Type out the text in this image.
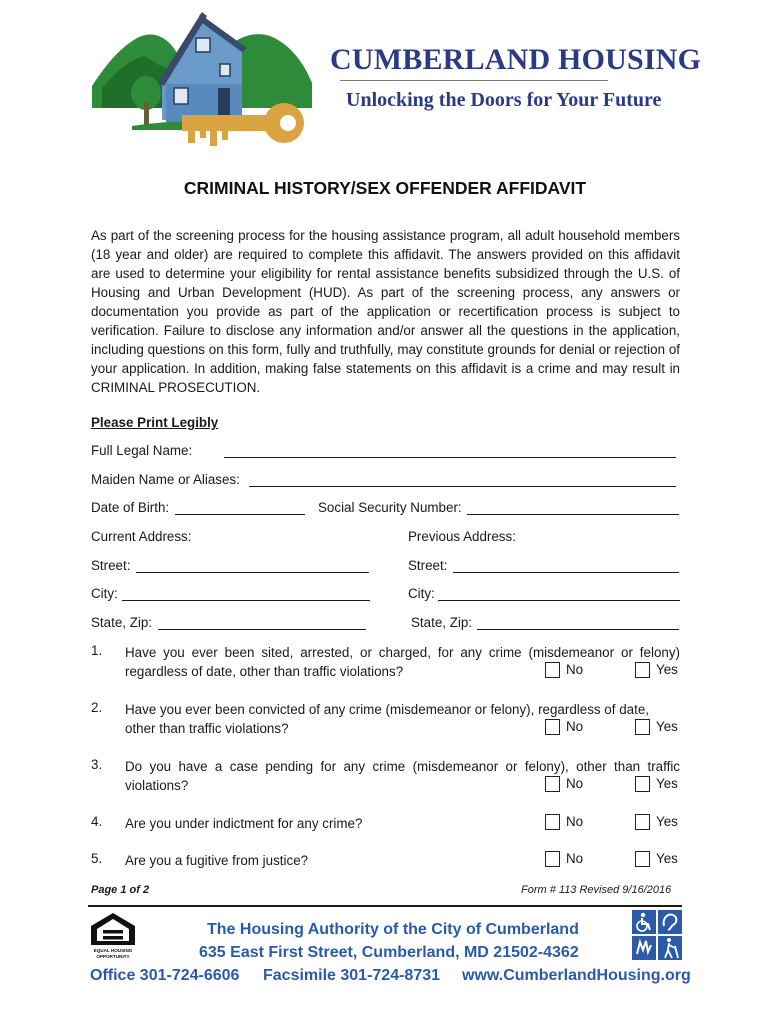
CUMBERLAND HOUSING
Unlocking the Doors for Your Future
CRIMINAL HISTORY/SEX OFFENDER AFFIDAVIT
As part of the screening process for the housing assistance program, all adult household members (18 year and older) are required to complete this affidavit. The answers provided on this affidavit are used to determine your eligibility for rental assistance benefits subsidized through the U.S. of Housing and Urban Development (HUD). As part of the screening process, any answers or documentation you provide as part of the application or recertification process is subject to verification. Failure to disclose any information and/or answer all the questions in the application, including questions on this form, fully and truthfully, may constitute grounds for denial or rejection of your application. In addition, making false statements on this affidavit is a crime and may result in CRIMINAL PROSECUTION.
Please Print Legibly
Full Legal Name:
Maiden Name or Aliases:
Date of Birth:	Social Security Number:
Current Address:	Previous Address:
Street:	Street:
City:	City:
State, Zip:	State, Zip:
1. Have you ever been sited, arrested, or charged, for any crime (misdemeanor or felony) regardless of date, other than traffic violations?	No	Yes
2. Have you ever been convicted of any crime (misdemeanor or felony), regardless of date, other than traffic violations?	No	Yes
3. Do you have a case pending for any crime (misdemeanor or felony), other than traffic violations?	No	Yes
4. Are you under indictment for any crime?	No	Yes
5. Are you a fugitive from justice?	No	Yes
Page 1 of 2	Form # 113 Revised 9/16/2016
EQUAL HOUSING
OPPORTUNITY
The Housing Authority of the City of Cumberland
635 East First Street, Cumberland, MD 21502-4362
Office 301-724-6606 Facsimile 301-724-8731 www.CumberlandHousing.org
